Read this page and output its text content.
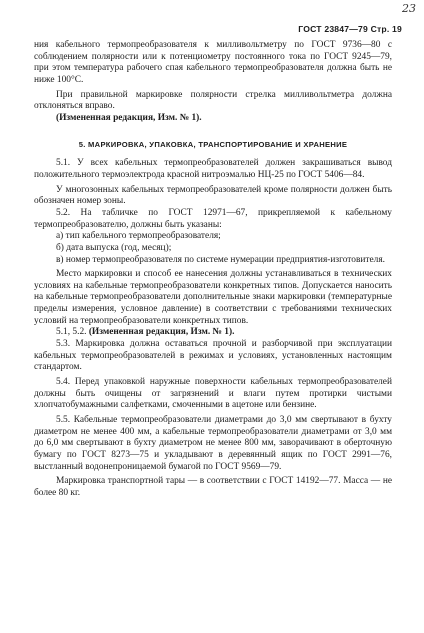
23
ГОСТ 23847—79 Стр. 19

ния кабельного термопреобразователя к милливольтметру по ГОСТ 9736—80 с соблюдением полярности или к потенциометру постоянного тока по ГОСТ 9245—79, при этом температура рабочего спая кабельного термопреобразователя должна быть не ниже 100°С.

При правильной маркировке полярности стрелка милливольтметра должна отклоняться вправо.

(Измененная редакция, Изм. № 1).

5. МАРКИРОВКА, УПАКОВКА, ТРАНСПОРТИРОВАНИЕ И ХРАНЕНИЕ

5.1. У всех кабельных термопреобразователей должен закрашиваться вывод положительного термоэлектрода красной нитроэмалью НЦ-25 по ГОСТ 5406—84.

У многозонных кабельных термопреобразователей кроме полярности должен быть обозначен номер зоны.

5.2. На табличке по ГОСТ 12971—67, прикрепляемой к кабельному термопреобразователю, должны быть указаны:

а) тип кабельного термопреобразователя;

б) дата выпуска (год, месяц);

в) номер термопреобразователя по системе нумерации предприятия-изготовителя.

Место маркировки и способ ее нанесения должны устанавливаться в технических условиях на кабельные термопреобразователи конкретных типов. Допускается наносить на кабельные термопреобразователи дополнительные знаки маркировки (температурные пределы измерения, условное давление) в соответствии с требованиями технических условий на термопреобразователи конкретных типов.

5.1, 5.2. (Измененная редакция, Изм. № 1).

5.3. Маркировка должна оставаться прочной и разборчивой при эксплуатации кабельных термопреобразователей в режимах и условиях, установленных настоящим стандартом.

5.4. Перед упаковкой наружные поверхности кабельных термопреобразователей должны быть очищены от загрязнений и влаги путем протирки чистыми хлопчатобумажными салфетками, смоченными в ацетоне или бензине.

5.5. Кабельные термопреобразователи диаметрами до 3,0 мм свертывают в бухту диаметром не менее 400 мм, а кабельные термопреобразователи диаметрами от 3,0 мм до 6,0 мм свертывают в бухту диаметром не менее 800 мм, заворачивают в оберточную бумагу по ГОСТ 8273—75 и укладывают в деревянный ящик по ГОСТ 2991—76, выстланный водонепроницаемой бумагой по ГОСТ 9569—79.

Маркировка транспортной тары — в соответствии с ГОСТ 14192—77. Масса — не более 80 кг.
